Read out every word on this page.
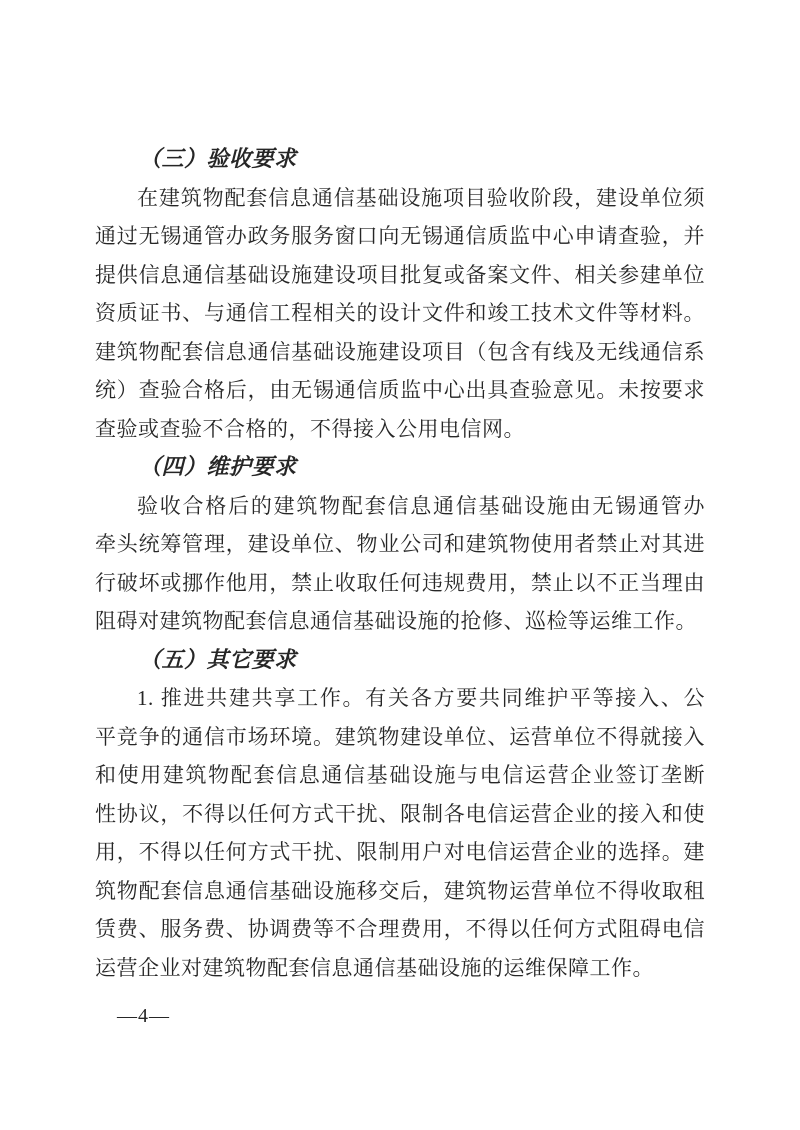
（三）验收要求
在建筑物配套信息通信基础设施项目验收阶段，建设单位须
通过无锡通管办政务服务窗口向无锡通信质监中心申请查验，并
提供信息通信基础设施建设项目批复或备案文件、相关参建单位
资质证书、与通信工程相关的设计文件和竣工技术文件等材料。
建筑物配套信息通信基础设施建设项目（包含有线及无线通信系
统）查验合格后，由无锡通信质监中心出具查验意见。未按要求
查验或查验不合格的，不得接入公用电信网。
（四）维护要求
验收合格后的建筑物配套信息通信基础设施由无锡通管办
牵头统筹管理，建设单位、物业公司和建筑物使用者禁止对其进
行破坏或挪作他用，禁止收取任何违规费用，禁止以不正当理由
阻碍对建筑物配套信息通信基础设施的抢修、巡检等运维工作。
（五）其它要求
1. 推进共建共享工作。有关各方要共同维护平等接入、公
平竞争的通信市场环境。建筑物建设单位、运营单位不得就接入
和使用建筑物配套信息通信基础设施与电信运营企业签订垄断
性协议，不得以任何方式干扰、限制各电信运营企业的接入和使
用，不得以任何方式干扰、限制用户对电信运营企业的选择。建
筑物配套信息通信基础设施移交后，建筑物运营单位不得收取租
赁费、服务费、协调费等不合理费用，不得以任何方式阻碍电信
运营企业对建筑物配套信息通信基础设施的运维保障工作。
—4—
